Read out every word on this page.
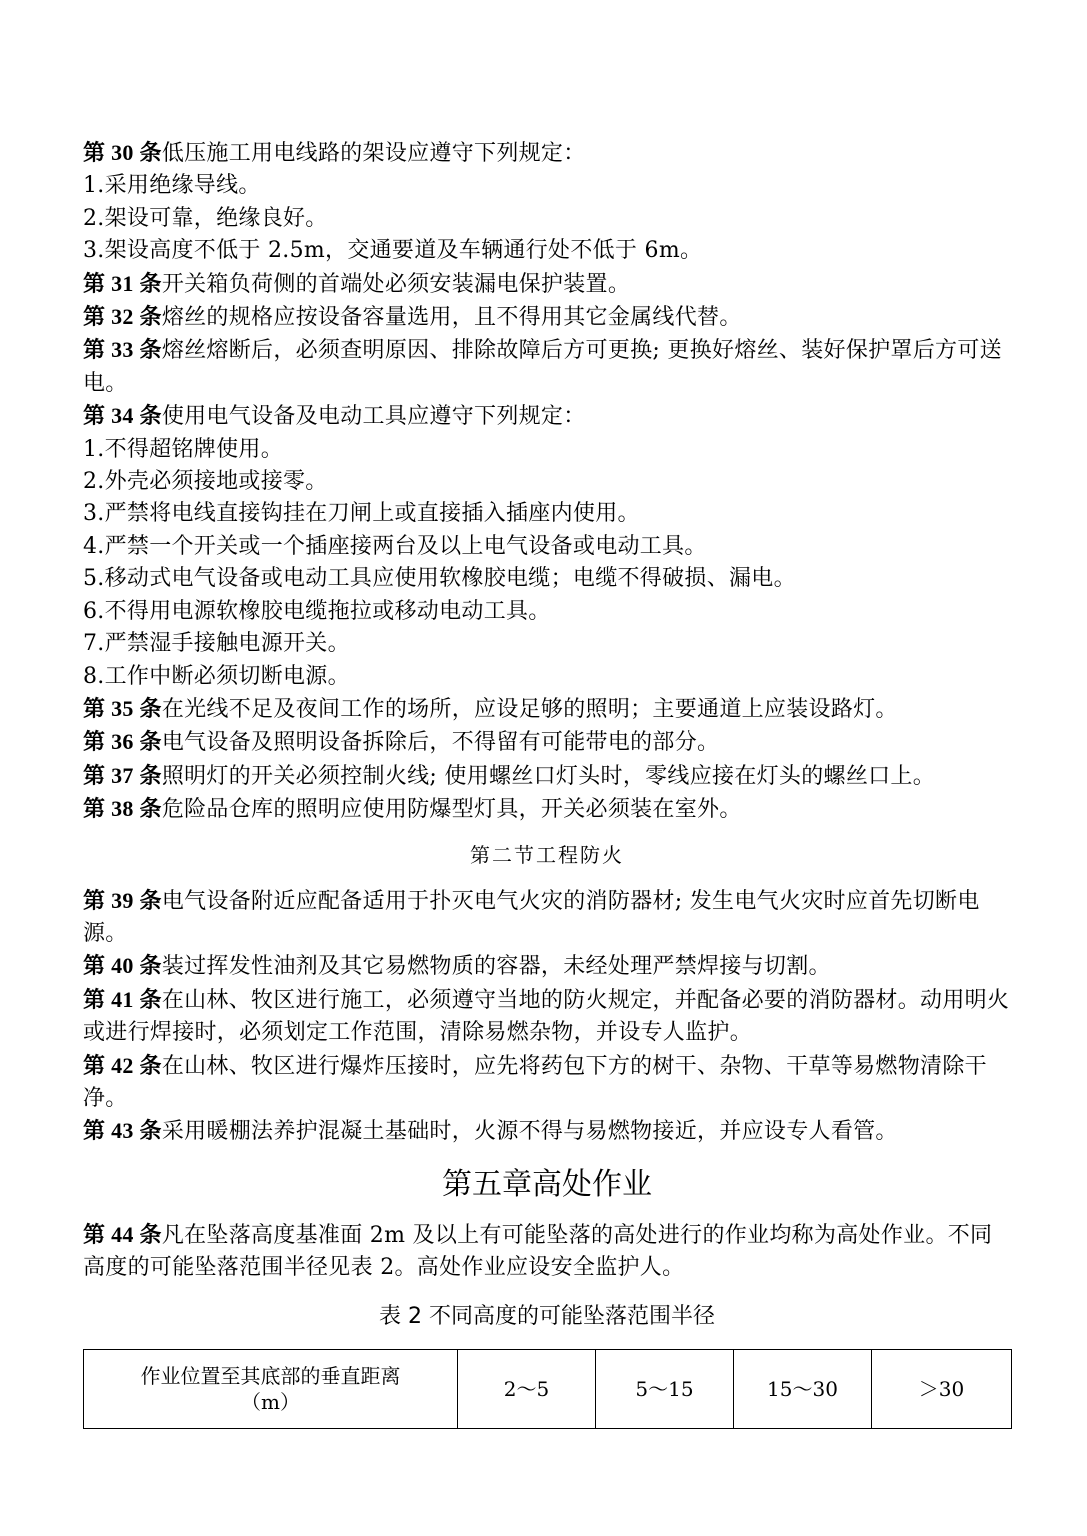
第 30 条低压施工用电线路的架设应遵守下列规定：
1.采用绝缘导线。
2.架设可靠，绝缘良好。
3.架设高度不低于 2.5m，交通要道及车辆通行处不低于 6m。
第 31 条开关箱负荷侧的首端处必须安装漏电保护装置。
第 32 条熔丝的规格应按设备容量选用，且不得用其它金属线代替。
第 33 条熔丝熔断后，必须查明原因、排除故障后方可更换; 更换好熔丝、装好保护罩后方可送电。
第 34 条使用电气设备及电动工具应遵守下列规定：
1.不得超铭牌使用。
2.外壳必须接地或接零。
3.严禁将电线直接钩挂在刀闸上或直接插入插座内使用。
4.严禁一个开关或一个插座接两台及以上电气设备或电动工具。
5.移动式电气设备或电动工具应使用软橡胶电缆；电缆不得破损、漏电。
6.不得用电源软橡胶电缆拖拉或移动电动工具。
7.严禁湿手接触电源开关。
8.工作中断必须切断电源。
第 35 条在光线不足及夜间工作的场所，应设足够的照明；主要通道上应装设路灯。
第 36 条电气设备及照明设备拆除后，不得留有可能带电的部分。
第 37 条照明灯的开关必须控制火线; 使用螺丝口灯头时，零线应接在灯头的螺丝口上。
第 38 条危险品仓库的照明应使用防爆型灯具，开关必须装在室外。
第二节工程防火
第 39 条电气设备附近应配备适用于扑灭电气火灾的消防器材; 发生电气火灾时应首先切断电源。
第 40 条装过挥发性油剂及其它易燃物质的容器，未经处理严禁焊接与切割。
第 41 条在山林、牧区进行施工，必须遵守当地的防火规定，并配备必要的消防器材。动用明火或进行焊接时，必须划定工作范围，清除易燃杂物，并设专人监护。
第 42 条在山林、牧区进行爆炸压接时，应先将药包下方的树干、杂物、干草等易燃物清除干净。
第 43 条采用暖棚法养护混凝土基础时，火源不得与易燃物接近，并应设专人看管。
第五章高处作业
第 44 条凡在坠落高度基准面 2m 及以上有可能坠落的高处进行的作业均称为高处作业。不同高度的可能坠落范围半径见表 2。高处作业应设安全监护人。
表 2 不同高度的可能坠落范围半径
作业位置至其底部的垂直距离
（m）
	2～5	5～15	15～30	＞30
